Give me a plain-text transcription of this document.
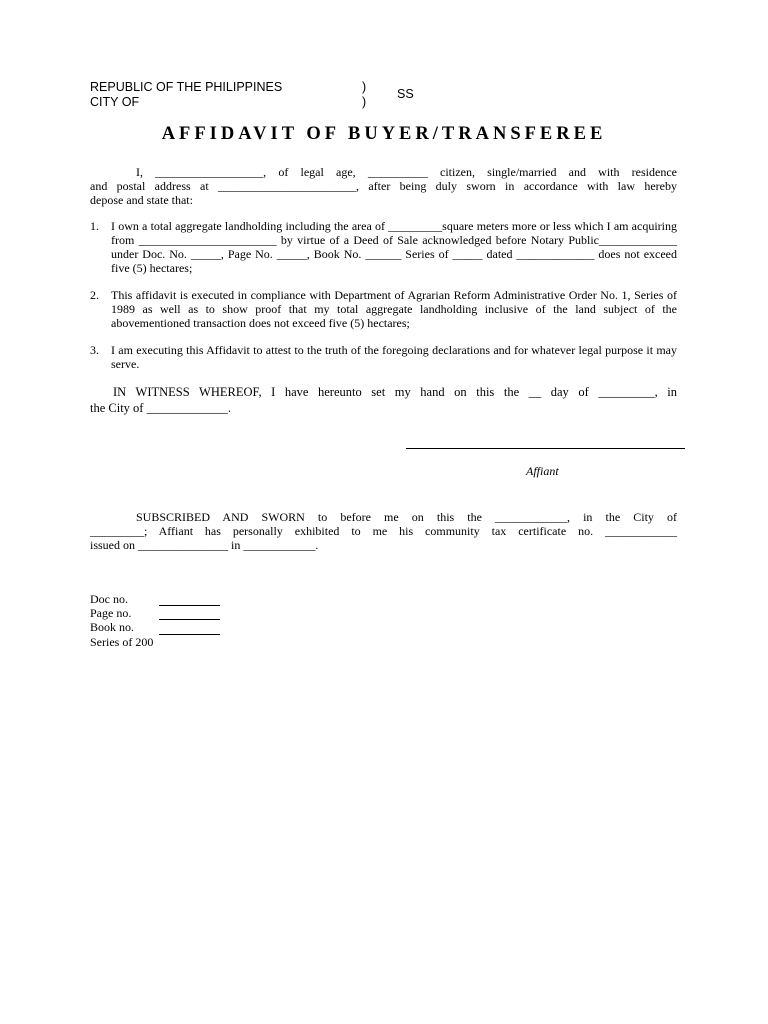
REPUBLIC OF THE PHILIPPINES
CITY OF
)
)
SS
AFFIDAVIT OF BUYER/TRANSFEREE
I, __________________, of legal age, __________ citizen, single/married and with residence
and postal address at _______________________, after being duly sworn in accordance with law hereby
depose and state that:
1. I own a total aggregate landholding including the area of _________square meters more or less which I am acquiring from _______________________ by virtue of a Deed of Sale acknowledged before Notary Public_____________ under Doc. No. _____, Page No. _____, Book No. ______ Series of _____ dated _____________ does not exceed five (5) hectares;
2. This affidavit is executed in compliance with Department of Agrarian Reform Administrative Order No. 1, Series of 1989 as well as to show proof that my total aggregate landholding inclusive of the land subject of the abovementioned transaction does not exceed five (5) hectares;
3. I am executing this Affidavit to attest to the truth of the foregoing declarations and for whatever legal purpose it may serve.
IN WITNESS WHEREOF, I have hereunto set my hand on this the __ day of _________, in
the City of _____________.
Affiant
SUBSCRIBED AND SWORN to before me on this the ____________, in the City of
_________; Affiant has personally exhibited to me his community tax certificate no. ____________
issued on _______________ in ____________.
Doc no.
Page no.
Book no.
Series of 200
